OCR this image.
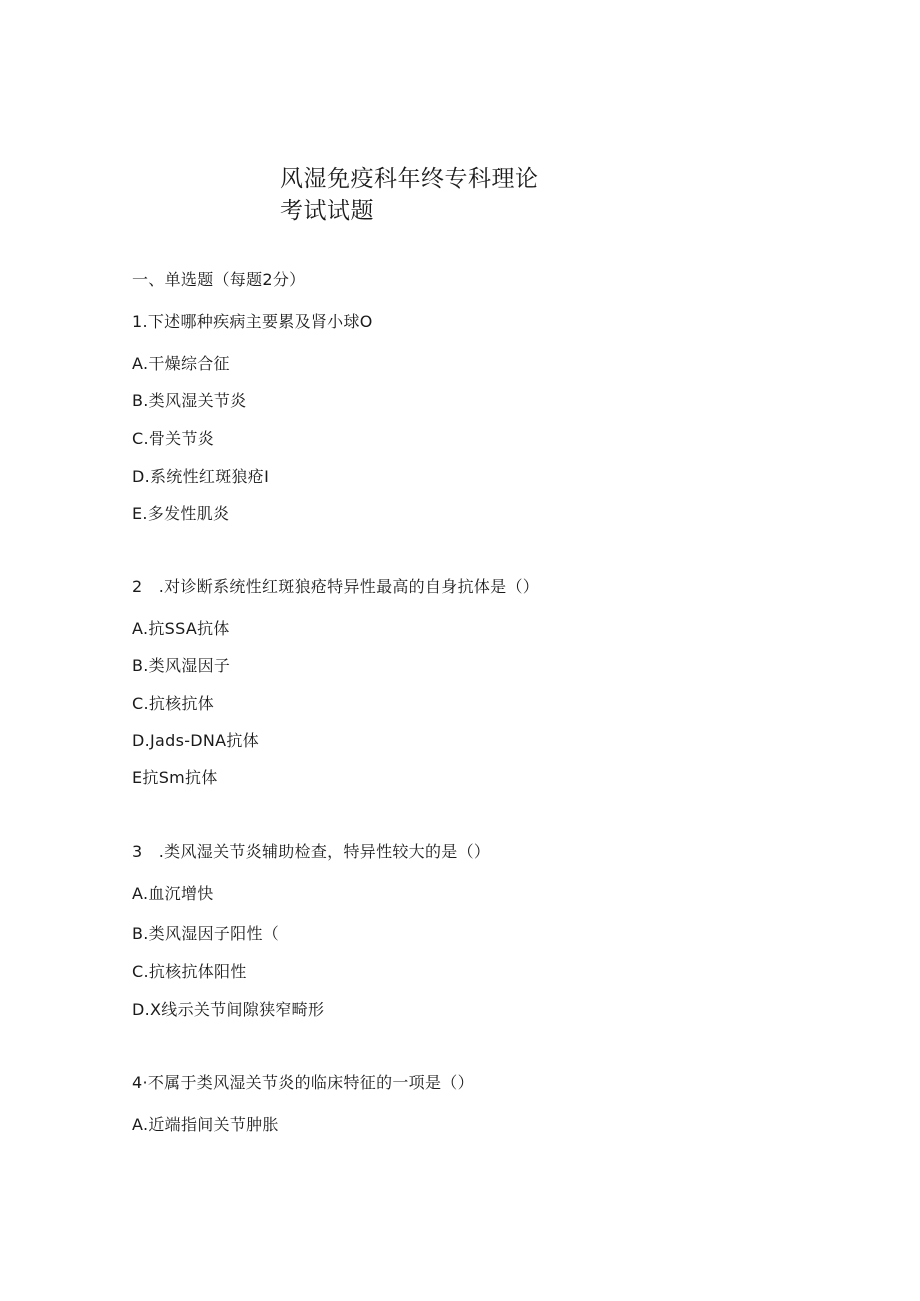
风湿免疫科年终专科理论
考试试题
一、单选题（每题2分）
1.下述哪种疾病主要累及肾小球O
A.干燥综合征
B.类风湿关节炎
C.骨关节炎
D.系统性红斑狼疮I
E.多发性肌炎
2　.对诊断系统性红斑狼疮特异性最高的自身抗体是（）
A.抗SSA抗体
B.类风湿因子
C.抗核抗体
D.Jads-DNA抗体
E抗Sm抗体
3　.类风湿关节炎辅助检查，特异性较大的是（）
A.血沉增快
B.类风湿因子阳性（
C.抗核抗体阳性
D.X线示关节间隙狭窄畸形
4·不属于类风湿关节炎的临床特征的一项是（）
A.近端指间关节肿胀
